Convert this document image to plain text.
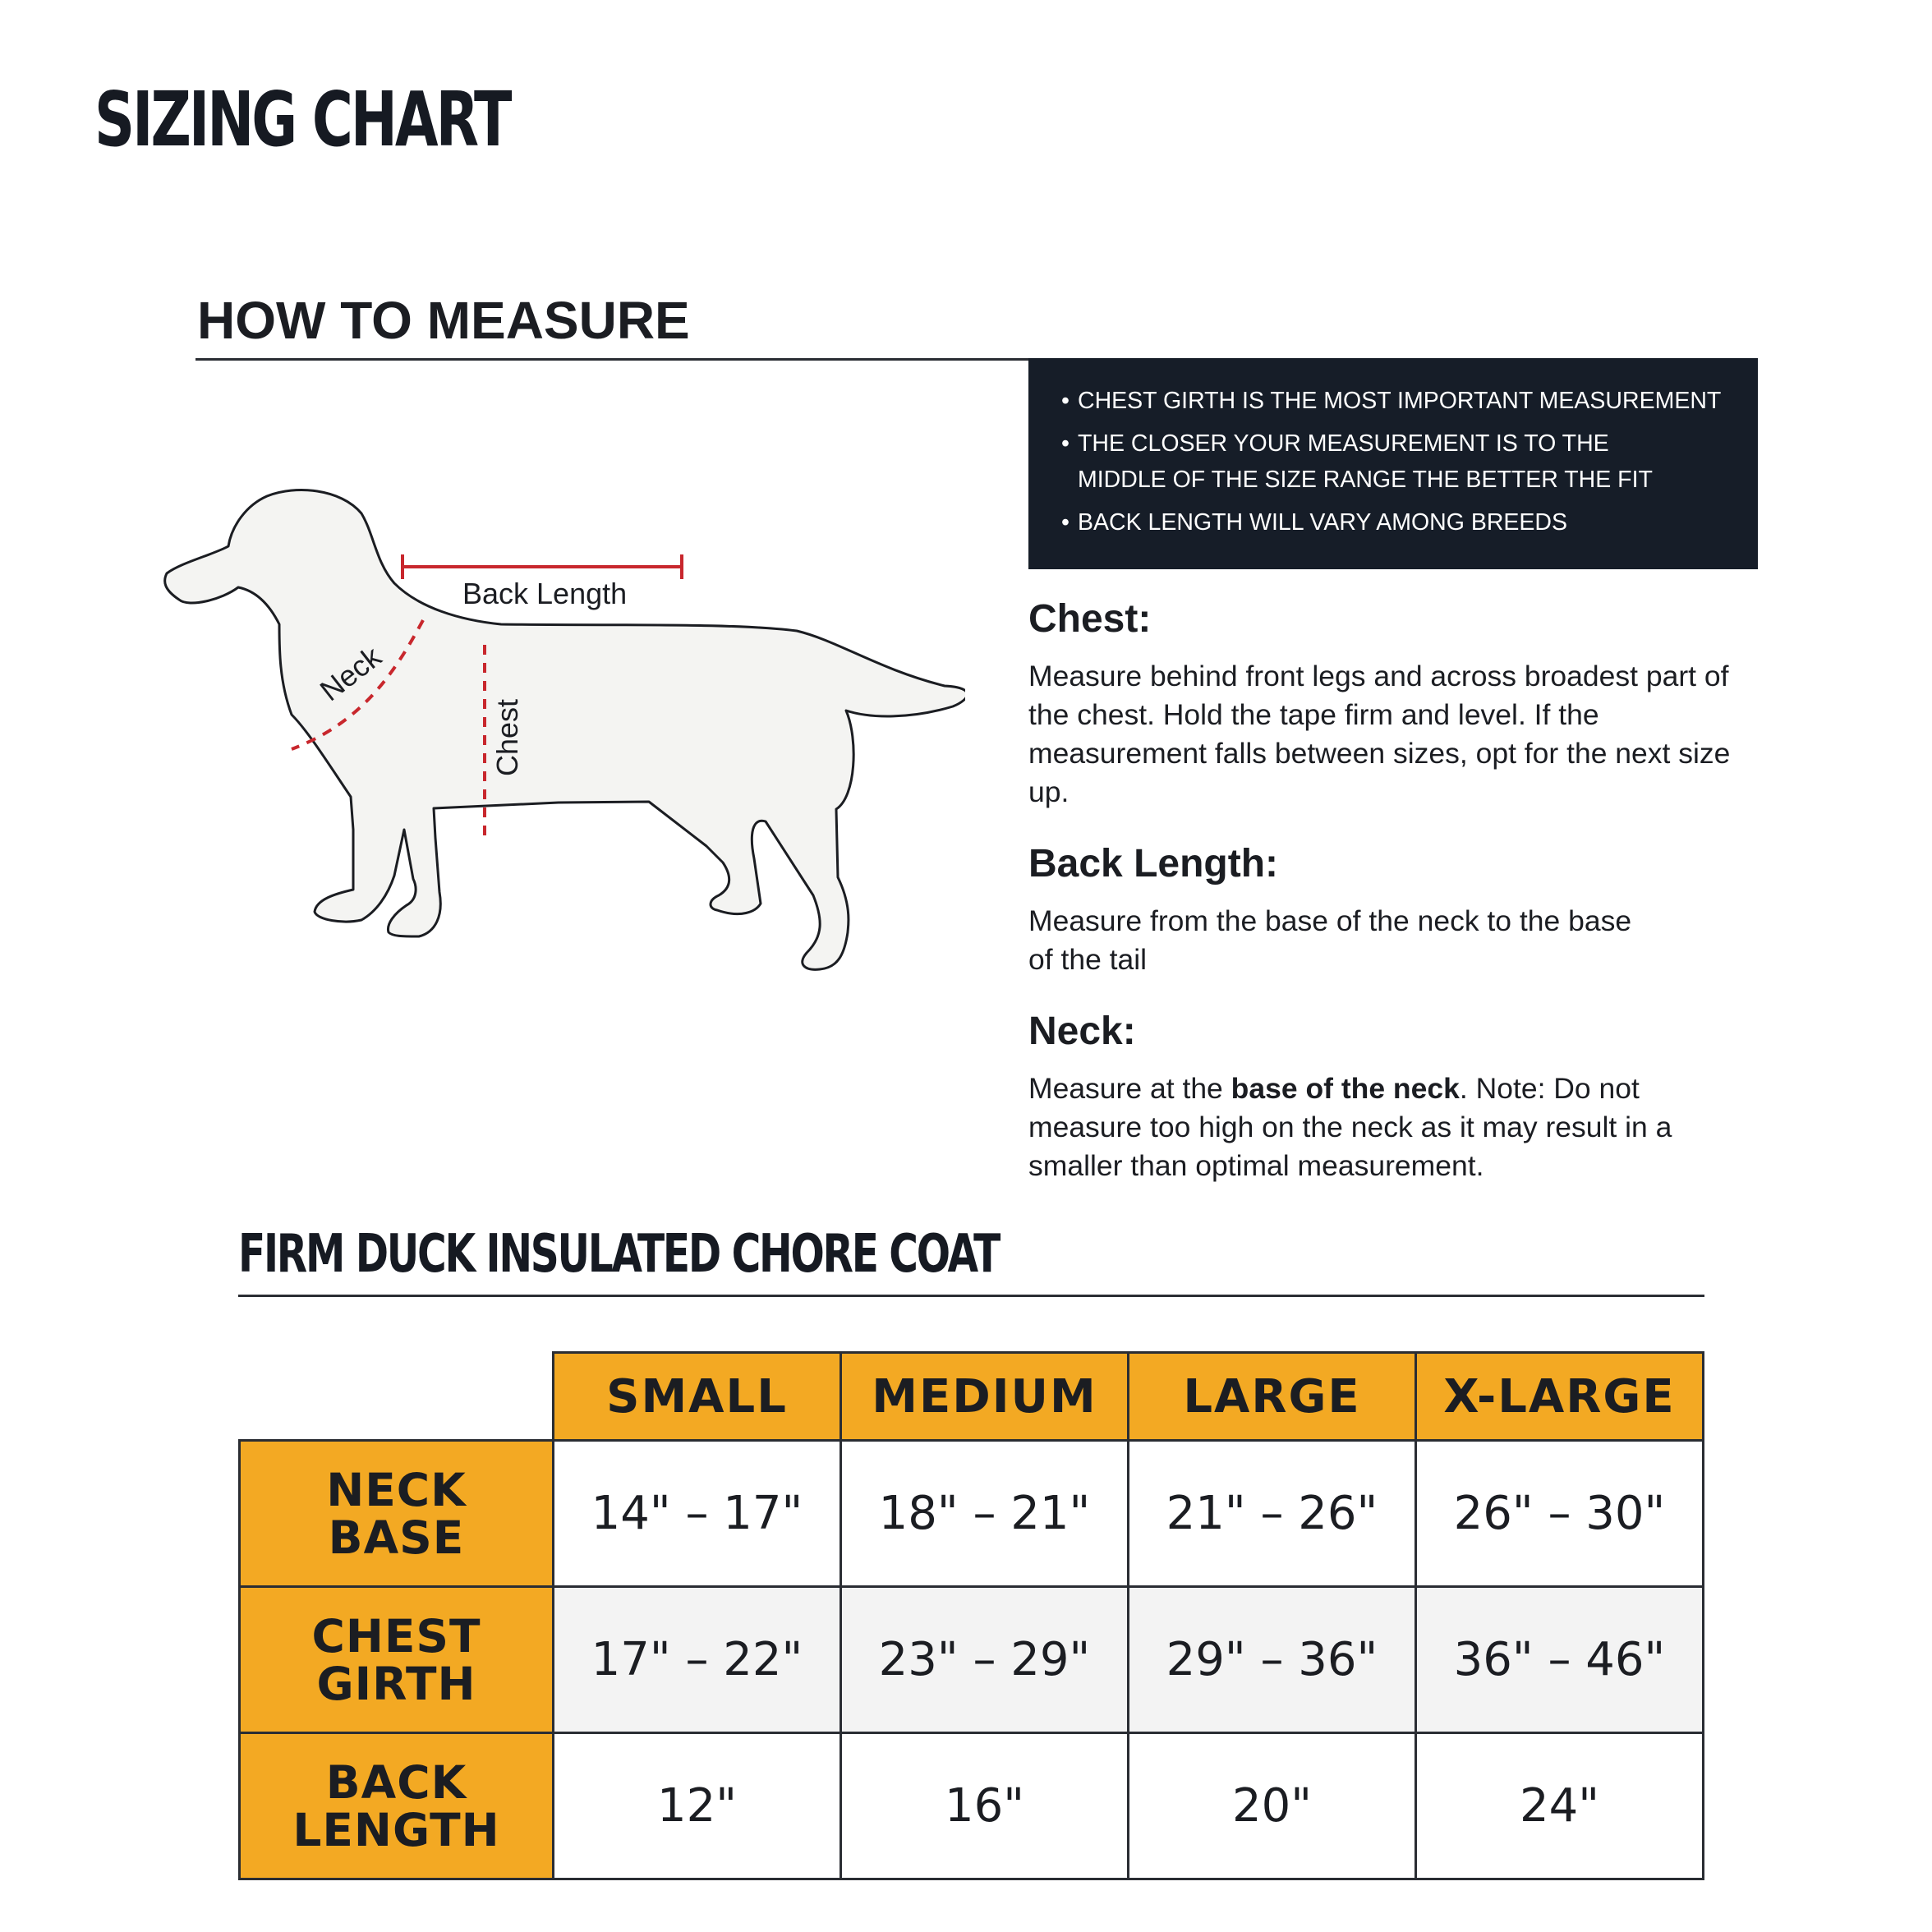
SIZING CHART
HOW TO MEASURE
• CHEST GIRTH IS THE MOST IMPORTANT MEASUREMENT
• THE CLOSER YOUR MEASUREMENT IS TO THE MIDDLE OF THE SIZE RANGE THE BETTER THE FIT
• BACK LENGTH WILL VARY AMONG BREEDS
Back Length
Neck
Chest
Chest:

Measure behind front legs and across broadest part of the chest. Hold the tape firm and level. If the measurement falls between sizes, opt for the next size up.

Back Length:

Measure from the base of the neck to the base of the tail

Neck:

Measure at the base of the neck. Note: Do not measure too high on the neck as it may result in a smaller than optimal measurement.

FIRM DUCK INSULATED CHORE COAT
	SMALL	MEDIUM	LARGE	X-LARGE
NECK
BASE	14" – 17"	18" – 21"	21" – 26"	26" – 30"
CHEST
GIRTH	17" – 22"	23" – 29"	29" – 36"	36" – 46"
BACK
LENGTH	12"	16"	20"	24"
